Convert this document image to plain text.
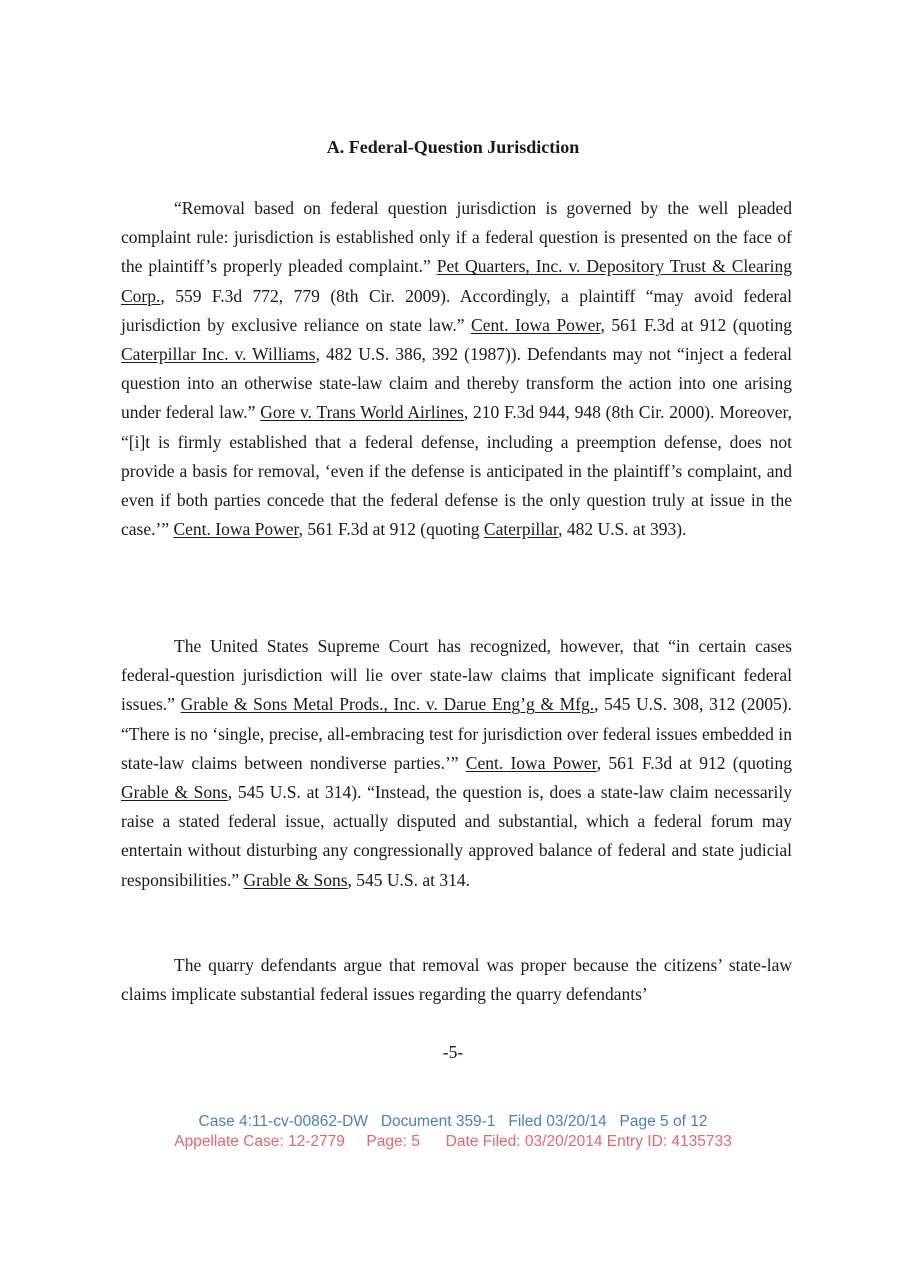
A. Federal-Question Jurisdiction

“Removal based on federal question jurisdiction is governed by the well pleaded complaint rule: jurisdiction is established only if a federal question is presented on the face of the plaintiff’s properly pleaded complaint.” Pet Quarters, Inc. v. Depository Trust & Clearing Corp., 559 F.3d 772, 779 (8th Cir. 2009). Accordingly, a plaintiff “may avoid federal jurisdiction by exclusive reliance on state law.” Cent. Iowa Power, 561 F.3d at 912 (quoting Caterpillar Inc. v. Williams, 482 U.S. 386, 392 (1987)). Defendants may not “inject a federal question into an otherwise state-law claim and thereby transform the action into one arising under federal law.” Gore v. Trans World Airlines, 210 F.3d 944, 948 (8th Cir. 2000). Moreover, “[i]t is firmly established that a federal defense, including a preemption defense, does not provide a basis for removal, ‘even if the defense is anticipated in the plaintiff’s complaint, and even if both parties concede that the federal defense is the only question truly at issue in the case.’” Cent. Iowa Power, 561 F.3d at 912 (quoting Caterpillar, 482 U.S. at 393).

The United States Supreme Court has recognized, however, that “in certain cases federal-question jurisdiction will lie over state-law claims that implicate significant federal issues.” Grable & Sons Metal Prods., Inc. v. Darue Eng’g & Mfg., 545 U.S. 308, 312 (2005). “There is no ‘single, precise, all-embracing test for jurisdiction over federal issues embedded in state-law claims between nondiverse parties.’” Cent. Iowa Power, 561 F.3d at 912 (quoting Grable & Sons, 545 U.S. at 314). “Instead, the question is, does a state-law claim necessarily raise a stated federal issue, actually disputed and substantial, which a federal forum may entertain without disturbing any congressionally approved balance of federal and state judicial responsibilities.” Grable & Sons, 545 U.S. at 314.

The quarry defendants argue that removal was proper because the citizens’ state-law claims implicate substantial federal issues regarding the quarry defendants’

-5-
Case 4:11-cv-00862-DW   Document 359-1   Filed 03/20/14   Page 5 of 12
Appellate Case: 12-2779     Page: 5      Date Filed: 03/20/2014 Entry ID: 4135733
